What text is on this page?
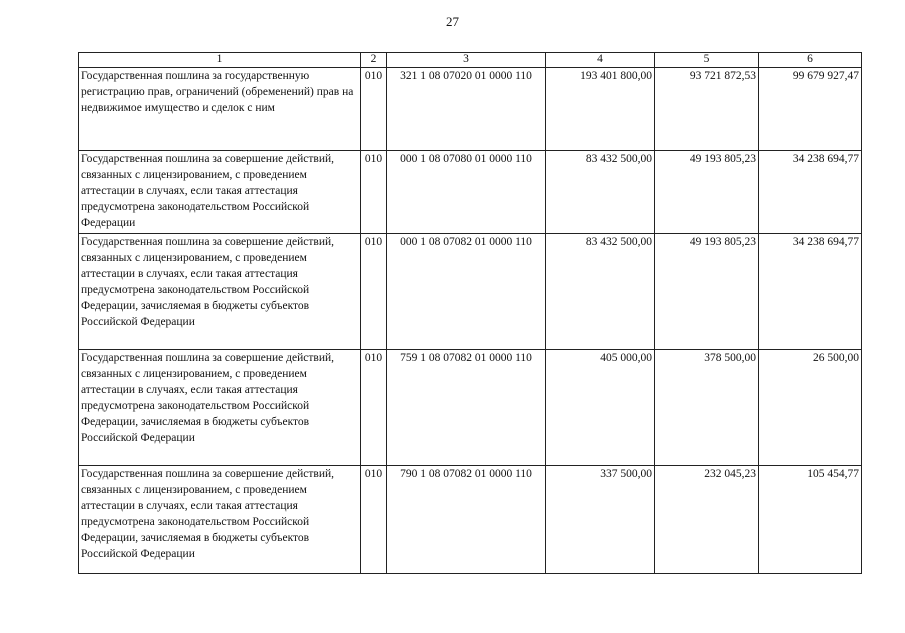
27
1	2	3	4	5	6
Государственная пошлина за государственную регистрацию прав, ограничений (обременений) прав на недвижимое имущество и сделок с ним	010	321 1 08 07020 01 0000 110	193 401 800,00	93 721 872,53	99 679 927,47
Государственная пошлина за совершение действий, связанных с лицензированием, с проведением аттестации в случаях, если такая аттестация предусмотрена законодательством Российской Федерации	010	000 1 08 07080 01 0000 110	83 432 500,00	49 193 805,23	34 238 694,77
Государственная пошлина за совершение действий, связанных с лицензированием, с проведением аттестации в случаях, если такая аттестация предусмотрена законодательством Российской Федерации, зачисляемая в бюджеты субъектов Российской Федерации	010	000 1 08 07082 01 0000 110	83 432 500,00	49 193 805,23	34 238 694,77
Государственная пошлина за совершение действий, связанных с лицензированием, с проведением аттестации в случаях, если такая аттестация предусмотрена законодательством Российской Федерации, зачисляемая в бюджеты субъектов Российской Федерации	010	759 1 08 07082 01 0000 110	405 000,00	378 500,00	26 500,00
Государственная пошлина за совершение действий, связанных с лицензированием, с проведением аттестации в случаях, если такая аттестация предусмотрена законодательством Российской Федерации, зачисляемая в бюджеты субъектов Российской Федерации	010	790 1 08 07082 01 0000 110	337 500,00	232 045,23	105 454,77
